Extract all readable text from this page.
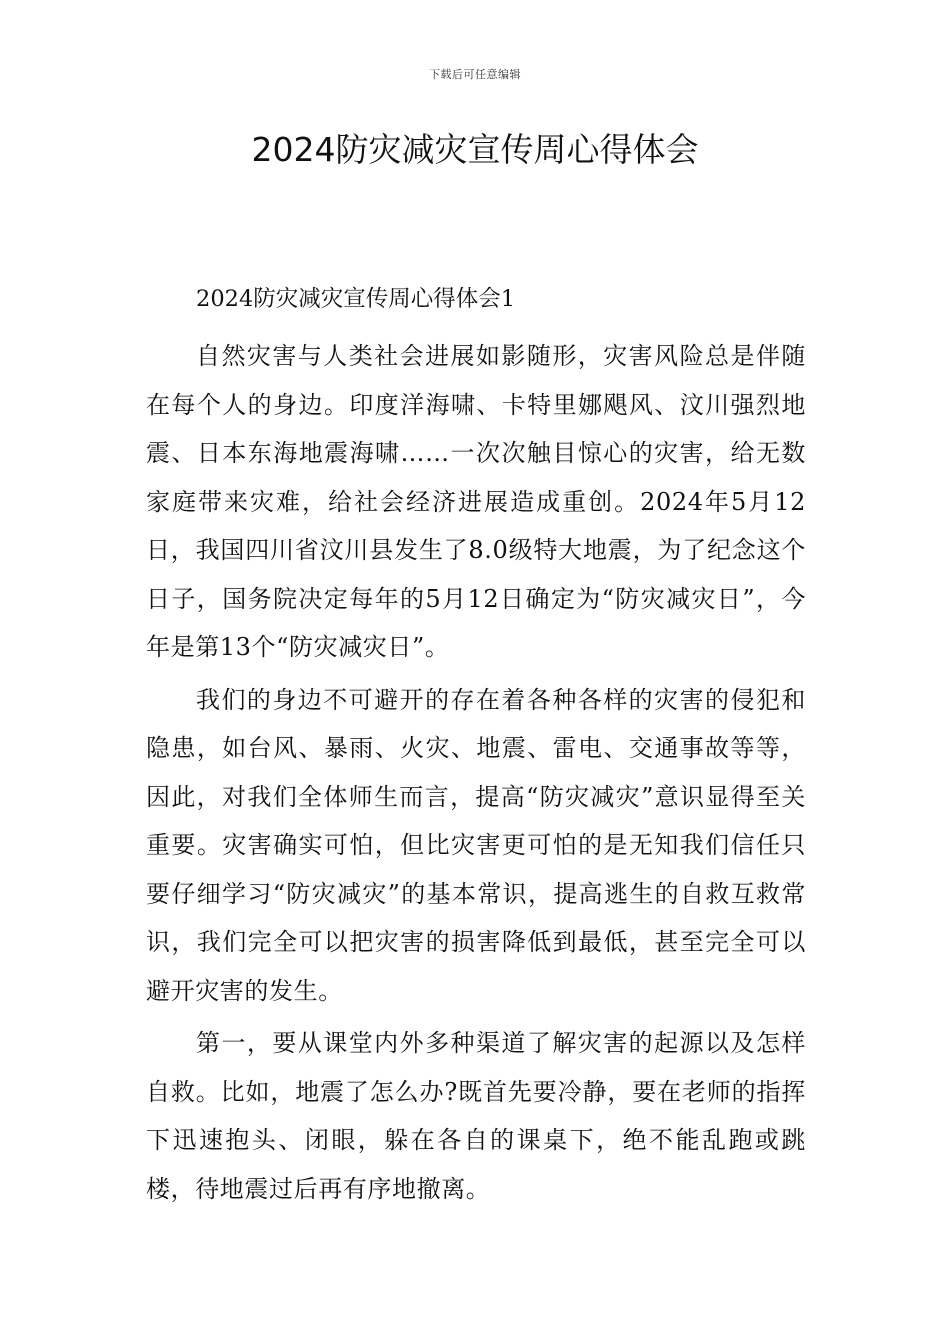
下载后可任意编辑
2024防灾减灾宣传周心得体会

2024防灾减灾宣传周心得体会1

自然灾害与人类社会进展如影随形，灾害风险总是伴随在每个人的身边。印度洋海啸、卡特里娜飓风、汶川强烈地震、日本东海地震海啸……一次次触目惊心的灾害，给无数家庭带来灾难，给社会经济进展造成重创。2024年5月12日，我国四川省汶川县发生了8.0级特大地震，为了纪念这个日子，国务院决定每年的5月12日确定为“防灾减灾日”，今年是第13个“防灾减灾日”。

我们的身边不可避开的存在着各种各样的灾害的侵犯和隐患，如台风、暴雨、火灾、地震、雷电、交通事故等等，因此，对我们全体师生而言，提高“防灾减灾”意识显得至关重要。灾害确实可怕，但比灾害更可怕的是无知我们信任只要仔细学习“防灾减灾”的基本常识，提高逃生的自救互救常识，我们完全可以把灾害的损害降低到最低，甚至完全可以避开灾害的发生。

第一，要从课堂内外多种渠道了解灾害的起源以及怎样自救。比如，地震了怎么办?既首先要冷静，要在老师的指挥下迅速抱头、闭眼，躲在各自的课桌下，绝不能乱跑或跳楼，待地震过后再有序地撤离。
